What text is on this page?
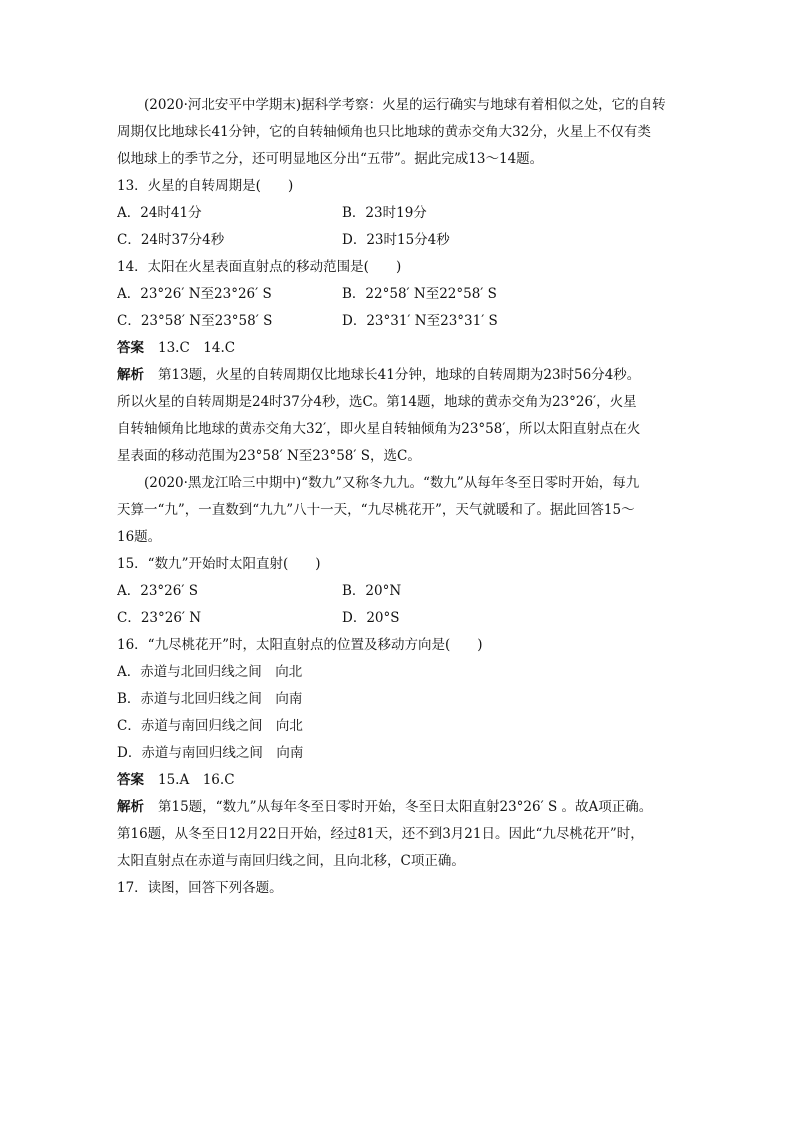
(2020·河北安平中学期末)据科学考察：火星的运行确实与地球有着相似之处，它的自转
周期仅比地球长41分钟，它的自转轴倾角也只比地球的黄赤交角大32分，火星上不仅有类
似地球上的季节之分，还可明显地区分出“五带”。据此完成13～14题。
13．火星的自转周期是(　　)
A．24时41分	B．23时19分
C．24时37分4秒	D．23时15分4秒
14．太阳在火星表面直射点的移动范围是(　　)
A．23°26′ N至23°26′ S	B．22°58′ N至22°58′ S
C．23°58′ N至23°58′ S	D．23°31′ N至23°31′ S
答案 13.C　14.C
解析 第13题，火星的自转周期仅比地球长41分钟，地球的自转周期为23时56分4秒。
所以火星的自转周期是24时37分4秒，选C。第14题，地球的黄赤交角为23°26′，火星
自转轴倾角比地球的黄赤交角大32′，即火星自转轴倾角为23°58′，所以太阳直射点在火
星表面的移动范围为23°58′ N至23°58′ S，选C。
(2020·黑龙江哈三中期中)“数九”又称冬九九。“数九”从每年冬至日零时开始，每九
天算一“九”，一直数到“九九”八十一天，“九尽桃花开”，天气就暖和了。据此回答15～
16题。
15．“数九”开始时太阳直射(　　)
A．23°26′ S	B．20°N
C．23°26′ N	D．20°S
16．“九尽桃花开”时，太阳直射点的位置及移动方向是(　　)
A．赤道与北回归线之间　向北
B．赤道与北回归线之间　向南
C．赤道与南回归线之间　向北
D．赤道与南回归线之间　向南
答案 15.A　16.C
解析 第15题，“数九”从每年冬至日零时开始，冬至日太阳直射23°26′ S 。故A项正确。
第16题，从冬至日12月22日开始，经过81天，还不到3月21日。因此“九尽桃花开”时，
太阳直射点在赤道与南回归线之间，且向北移，C项正确。
17．读图，回答下列各题。
